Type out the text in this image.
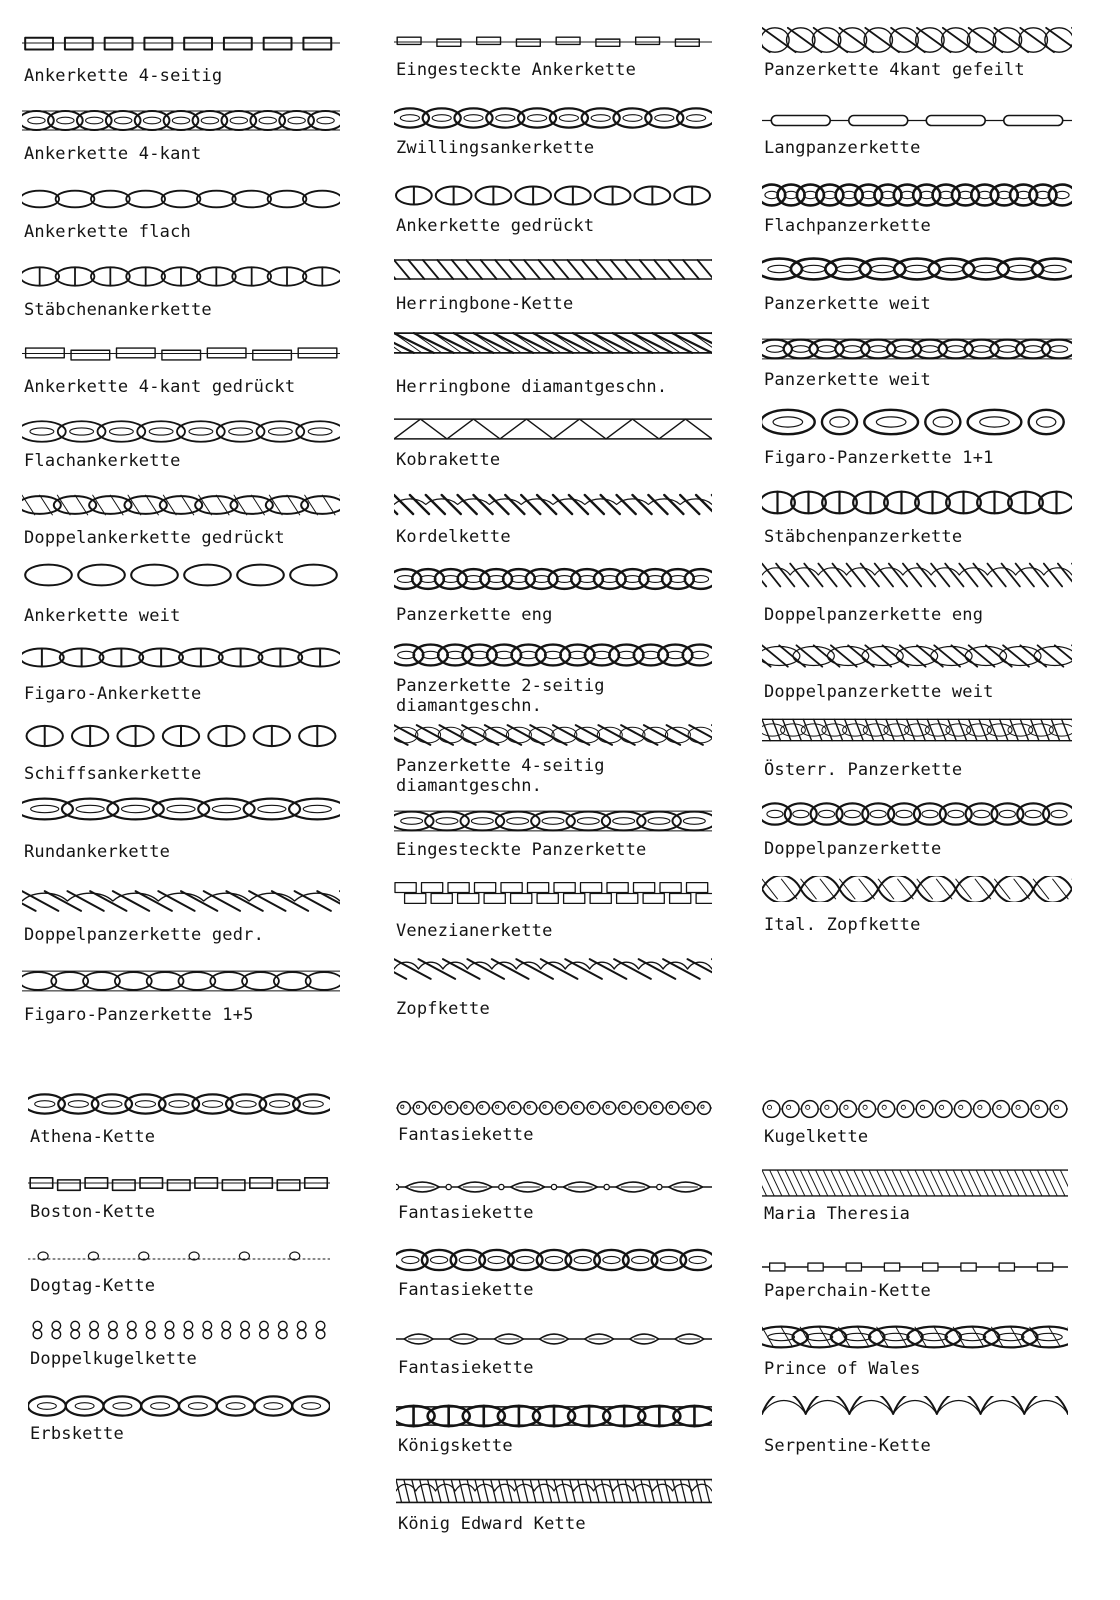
Ankerkette 4-seitig
Ankerkette 4-kant
Ankerkette flach
Stäbchenankerkette
Ankerkette 4-kant gedrückt
Flachankerkette
Doppelankerkette gedrückt
Ankerkette weit
Figaro-Ankerkette
Schiffsankerkette
Rundankerkette
Doppelpanzerkette gedr.
Figaro-Panzerkette 1+5
Eingesteckte Ankerkette
Zwillingsankerkette
Ankerkette gedrückt
Herringbone-Kette
Herringbone diamantgeschn.
Kobrakette
Kordelkette
Panzerkette eng
Panzerkette 2-seitig
diamantgeschn.
Panzerkette 4-seitig
diamantgeschn.
Eingesteckte Panzerkette
Venezianerkette
Zopfkette
Panzerkette 4kant gefeilt
Langpanzerkette
Flachpanzerkette
Panzerkette weit
Panzerkette weit
Figaro-Panzerkette 1+1
Stäbchenpanzerkette
Doppelpanzerkette eng
Doppelpanzerkette weit
Österr. Panzerkette
Doppelpanzerkette
Ital. Zopfkette
Athena-Kette
Boston-Kette
Dogtag-Kette
Doppelkugelkette
Erbskette
Fantasiekette
Fantasiekette
Fantasiekette
Fantasiekette
Königskette
König Edward Kette
Kugelkette
Maria Theresia
Paperchain-Kette
Prince of Wales
Serpentine-Kette
